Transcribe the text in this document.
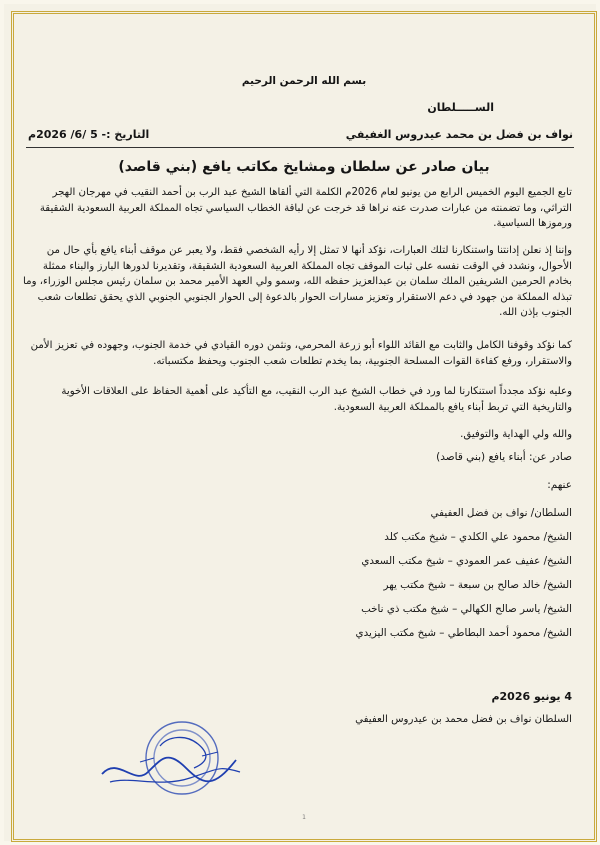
بسم الله الرحمن الرحيم
الســـــلطان
نواف بن فضل بن محمد عيدروس الغفيفي
التاريخ :- 5 /6/ 2026م
بيان صادر عن سلطان ومشايخ مكاتب يافع (بني قاصد)
تابع الجميع اليوم الخميس الرابع من يونيو لعام 2026م الكلمة التي ألقاها الشيخ عبد الرب بن أحمد النقيب في مهرجان الهجر التراثي، وما تضمنته من عبارات صدرت عنه نراها قد خرجت عن لباقة الخطاب السياسي تجاه المملكة العربية السعودية الشقيقة ورموزها السياسية.
وإننا إذ نعلن إدانتنا واستنكارنا لتلك العبارات، نؤكد أنها لا تمثل إلا رأيه الشخصي فقط، ولا يعبر عن موقف أبناء يافع بأي حال من الأحوال، ونشدد في الوقت نفسه على ثبات الموقف تجاه المملكة العربية السعودية الشقيقة، وتقديرنا لدورها البارز والبناء ممثلة بخادم الحرمين الشريفين الملك سلمان بن عبدالعزيز حفظه الله، وسمو ولي العهد الأمير محمد بن سلمان رئيس مجلس الوزراء، وما تبذله المملكة من جهود في دعم الاستقرار وتعزيز مسارات الحوار بالدعوة إلى الحوار الجنوبي الجنوبي الذي يحقق تطلعات شعب الجنوب بإذن الله.
كما نؤكد وقوفنا الكامل والثابت مع القائد اللواء أبو زرعة المحرمي، ونثمن دوره القيادي في خدمة الجنوب، وجهوده في تعزيز الأمن والاستقرار، ورفع كفاءة القوات المسلحة الجنوبية، بما يخدم تطلعات شعب الجنوب ويحفظ مكتسباته.
وعليه نؤكد مجدداً استنكارنا لما ورد في خطاب الشيخ عبد الرب النقيب، مع التأكيد على أهمية الحفاظ على العلاقات الأخوية والتاريخية التي تربط أبناء يافع بالمملكة العربية السعودية.
والله ولي الهداية والتوفيق.
صادر عن: أبناء يافع (بني قاصد)
عنهم:
السلطان/ نواف بن فضل العفيفي
الشيخ/ محمود علي الكلدي – شيخ مكتب كلد
الشيخ/ عفيف عمر العمودي – شيخ مكتب السعدي
الشيخ/ خالد صالح بن سبعة – شيخ مكتب يهر
الشيخ/ ياسر صالح الكهالي – شيخ مكتب ذي ناخب
الشيخ/ محمود أحمد البطاطي – شيخ مكتب اليزيدي
4 يونيو 2026م
السلطان نواف بن فضل محمد بن عيدروس العفيفي
1
